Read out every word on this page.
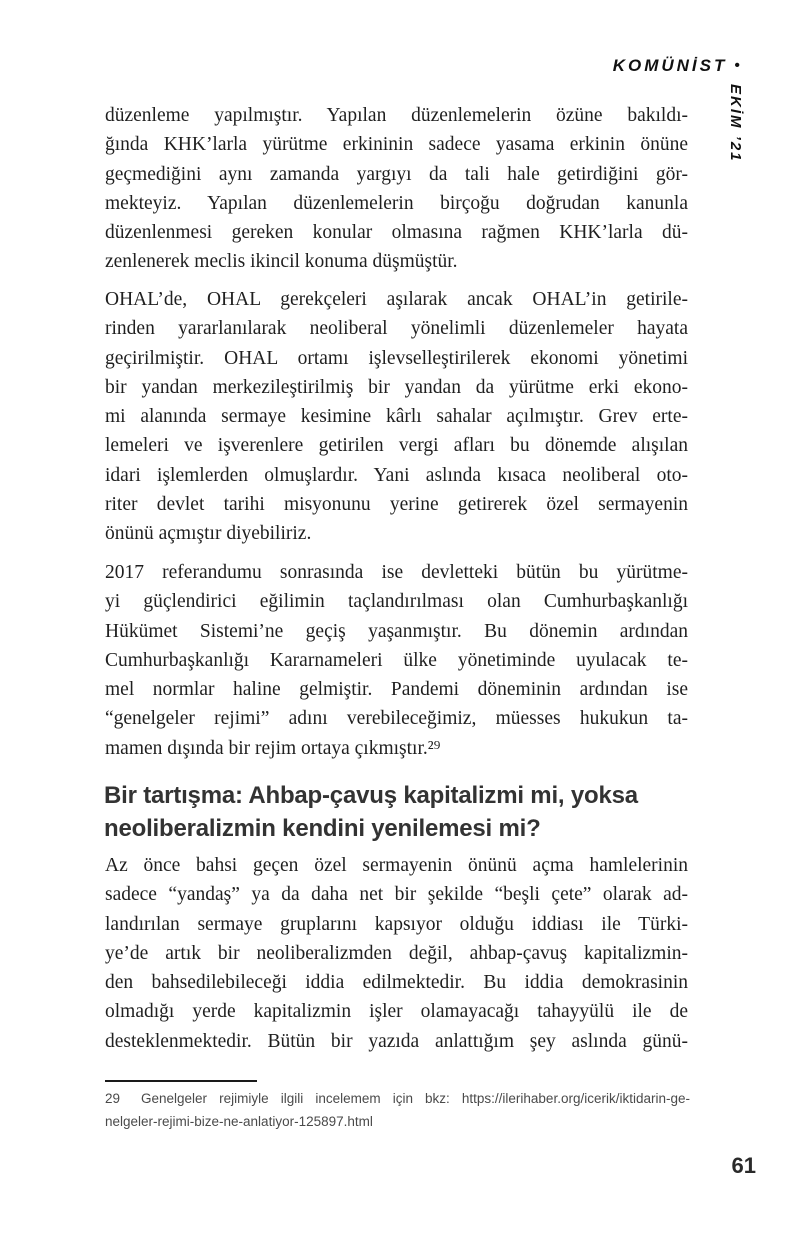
KOMÜNİST •
EKİM ’21
düzenleme yapılmıştır. Yapılan düzenlemelerin özüne bakıldı-
ğında KHK’larla yürütme erkininin sadece yasama erkinin önüne
geçmediğini aynı zamanda yargıyı da tali hale getirdiğini gör-
mekteyiz. Yapılan düzenlemelerin birçoğu doğrudan kanunla
düzenlenmesi gereken konular olmasına rağmen KHK’larla dü-
zenlenerek meclis ikincil konuma düşmüştür.
OHAL’de, OHAL gerekçeleri aşılarak ancak OHAL’in getirile-
rinden yararlanılarak neoliberal yönelimli düzenlemeler hayata
geçirilmiştir. OHAL ortamı işlevselleştirilerek ekonomi yönetimi
bir yandan merkezileştirilmiş bir yandan da yürütme erki ekono-
mi alanında sermaye kesimine kârlı sahalar açılmıştır. Grev erte-
lemeleri ve işverenlere getirilen vergi afları bu dönemde alışılan
idari işlemlerden olmuşlardır. Yani aslında kısaca neoliberal oto-
riter devlet tarihi misyonunu yerine getirerek özel sermayenin
önünü açmıştır diyebiliriz.
2017 referandumu sonrasında ise devletteki bütün bu yürütme-
yi güçlendirici eğilimin taçlandırılması olan Cumhurbaşkanlığı
Hükümet Sistemi’ne geçiş yaşanmıştır. Bu dönemin ardından
Cumhurbaşkanlığı Kararnameleri ülke yönetiminde uyulacak te-
mel normlar haline gelmiştir. Pandemi döneminin ardından ise
“genelgeler rejimi” adını verebileceğimiz, müesses hukukun ta-
mamen dışında bir rejim ortaya çıkmıştır.²⁹
Bir tartışma: Ahbap-çavuş kapitalizmi mi, yoksa
neoliberalizmin kendini yenilemesi mi?
Az önce bahsi geçen özel sermayenin önünü açma hamlelerinin
sadece “yandaş” ya da daha net bir şekilde “beşli çete” olarak ad-
landırılan sermaye gruplarını kapsıyor olduğu iddiası ile Türki-
ye’de artık bir neoliberalizmden değil, ahbap-çavuş kapitalizmin-
den bahsedilebileceği iddia edilmektedir. Bu iddia demokrasinin
olmadığı yerde kapitalizmin işler olamayacağı tahayyülü ile de
desteklenmektedir. Bütün bir yazıda anlattığım şey aslında günü-
29 Genelgeler rejimiyle ilgili incelemem için bkz: https://ilerihaber.org/icerik/iktidarin-ge-
nelgeler-rejimi-bize-ne-anlatiyor-125897.html
61
